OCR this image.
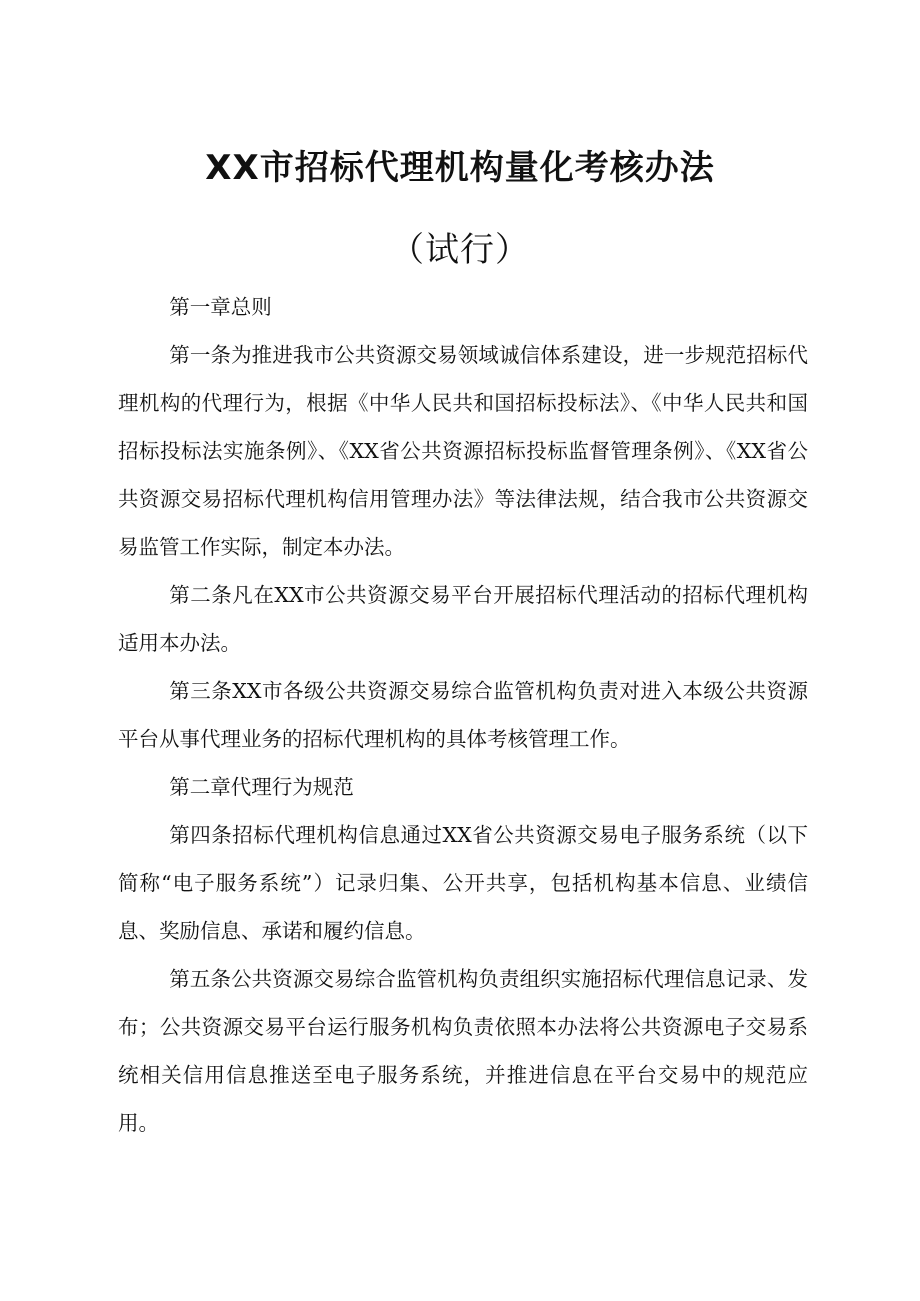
XX市招标代理机构量化考核办法
（试行）

第一章总则

第一条为推进我市公共资源交易领域诚信体系建设，进一步规范招标代理机构的代理行为，根据《中华人民共和国招标投标法》、《中华人民共和国招标投标法实施条例》、《XX省公共资源招标投标监督管理条例》、《XX省公共资源交易招标代理机构信用管理办法》等法律法规，结合我市公共资源交易监管工作实际，制定本办法。

第二条凡在XX市公共资源交易平台开展招标代理活动的招标代理机构适用本办法。

第三条XX市各级公共资源交易综合监管机构负责对进入本级公共资源平台从事代理业务的招标代理机构的具体考核管理工作。

第二章代理行为规范

第四条招标代理机构信息通过XX省公共资源交易电子服务系统（以下简称“电子服务系统”）记录归集、公开共享，包括机构基本信息、业绩信息、奖励信息、承诺和履约信息。

第五条公共资源交易综合监管机构负责组织实施招标代理信息记录、发布；公共资源交易平台运行服务机构负责依照本办法将公共资源电子交易系统相关信用信息推送至电子服务系统，并推进信息在平台交易中的规范应用。
